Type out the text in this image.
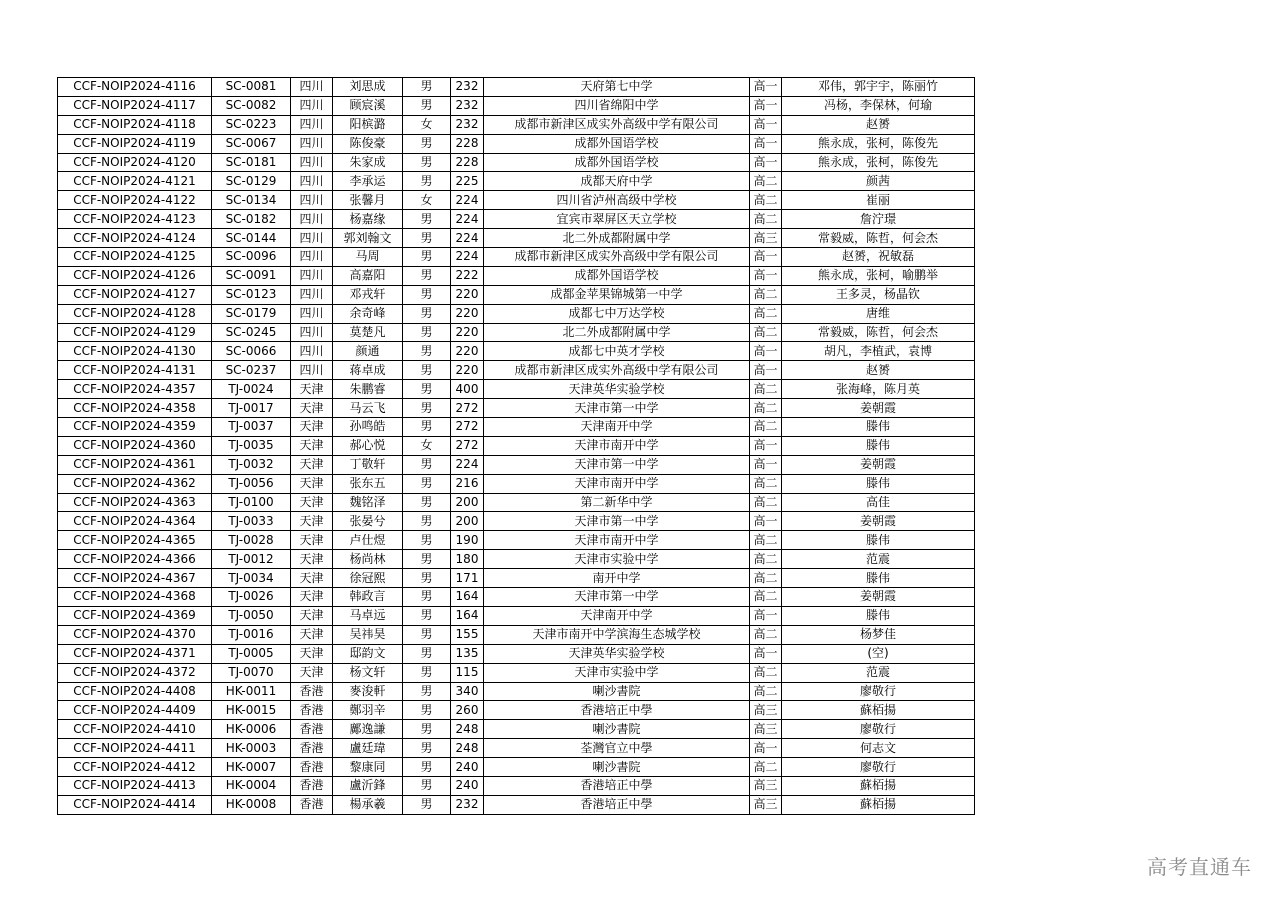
CCF-NOIP2024-4116	SC-0081	四川	刘思成	男	232	天府第七中学	高一	邓伟，郭宇宇，陈丽竹
CCF-NOIP2024-4117	SC-0082	四川	顾宸溪	男	232	四川省绵阳中学	高一	冯杨，李保林，何瑜
CCF-NOIP2024-4118	SC-0223	四川	阳槟潞	女	232	成都市新津区成实外高级中学有限公司	高一	赵赟
CCF-NOIP2024-4119	SC-0067	四川	陈俊豪	男	228	成都外国语学校	高一	熊永成，张柯，陈俊先
CCF-NOIP2024-4120	SC-0181	四川	朱家成	男	228	成都外国语学校	高一	熊永成，张柯，陈俊先
CCF-NOIP2024-4121	SC-0129	四川	李承运	男	225	成都天府中学	高二	颜茜
CCF-NOIP2024-4122	SC-0134	四川	张馨月	女	224	四川省泸州高级中学校	高二	崔丽
CCF-NOIP2024-4123	SC-0182	四川	杨嘉缘	男	224	宜宾市翠屏区天立学校	高二	詹泞璟
CCF-NOIP2024-4124	SC-0144	四川	郭刘翰文	男	224	北二外成都附属中学	高三	常毅威，陈哲，何会杰
CCF-NOIP2024-4125	SC-0096	四川	马周	男	224	成都市新津区成实外高级中学有限公司	高一	赵赟，祝敏磊
CCF-NOIP2024-4126	SC-0091	四川	高嘉阳	男	222	成都外国语学校	高一	熊永成，张柯，喻鹏举
CCF-NOIP2024-4127	SC-0123	四川	邓戎轩	男	220	成都金苹果锦城第一中学	高二	王多灵，杨晶钦
CCF-NOIP2024-4128	SC-0179	四川	余奇峰	男	220	成都七中万达学校	高二	唐维
CCF-NOIP2024-4129	SC-0245	四川	莫楚凡	男	220	北二外成都附属中学	高二	常毅威，陈哲，何会杰
CCF-NOIP2024-4130	SC-0066	四川	颜通	男	220	成都七中英才学校	高一	胡凡，李植武，袁博
CCF-NOIP2024-4131	SC-0237	四川	蒋卓成	男	220	成都市新津区成实外高级中学有限公司	高一	赵赟
CCF-NOIP2024-4357	TJ-0024	天津	朱鹏睿	男	400	天津英华实验学校	高二	张海峰，陈月英
CCF-NOIP2024-4358	TJ-0017	天津	马云飞	男	272	天津市第一中学	高二	姜朝霞
CCF-NOIP2024-4359	TJ-0037	天津	孙鸣皓	男	272	天津南开中学	高二	滕伟
CCF-NOIP2024-4360	TJ-0035	天津	郝心悦	女	272	天津市南开中学	高一	滕伟
CCF-NOIP2024-4361	TJ-0032	天津	丁敬轩	男	224	天津市第一中学	高一	姜朝霞
CCF-NOIP2024-4362	TJ-0056	天津	张东五	男	216	天津市南开中学	高二	滕伟
CCF-NOIP2024-4363	TJ-0100	天津	魏铭泽	男	200	第二新华中学	高二	高佳
CCF-NOIP2024-4364	TJ-0033	天津	张晏兮	男	200	天津市第一中学	高一	姜朝霞
CCF-NOIP2024-4365	TJ-0028	天津	卢仕煜	男	190	天津市南开中学	高二	滕伟
CCF-NOIP2024-4366	TJ-0012	天津	杨尚林	男	180	天津市实验中学	高二	范震
CCF-NOIP2024-4367	TJ-0034	天津	徐冠熙	男	171	南开中学	高二	滕伟
CCF-NOIP2024-4368	TJ-0026	天津	韩政言	男	164	天津市第一中学	高二	姜朝霞
CCF-NOIP2024-4369	TJ-0050	天津	马卓远	男	164	天津南开中学	高一	滕伟
CCF-NOIP2024-4370	TJ-0016	天津	吴祎昊	男	155	天津市南开中学滨海生态城学校	高二	杨梦佳
CCF-NOIP2024-4371	TJ-0005	天津	邸韵文	男	135	天津英华实验学校	高一	(空)
CCF-NOIP2024-4372	TJ-0070	天津	杨文轩	男	115	天津市实验中学	高二	范震
CCF-NOIP2024-4408	HK-0011	香港	麥浚軒	男	340	喇沙書院	高二	廖敬行
CCF-NOIP2024-4409	HK-0015	香港	鄭羽辛	男	260	香港培正中學	高三	蘇栢揚
CCF-NOIP2024-4410	HK-0006	香港	鄺逸謙	男	248	喇沙書院	高三	廖敬行
CCF-NOIP2024-4411	HK-0003	香港	盧廷瑋	男	248	荃灣官立中學	高一	何志文
CCF-NOIP2024-4412	HK-0007	香港	黎康同	男	240	喇沙書院	高二	廖敬行
CCF-NOIP2024-4413	HK-0004	香港	盧沂鋒	男	240	香港培正中學	高三	蘇栢揚
CCF-NOIP2024-4414	HK-0008	香港	楊承羲	男	232	香港培正中學	高三	蘇栢揚
高考直通车
